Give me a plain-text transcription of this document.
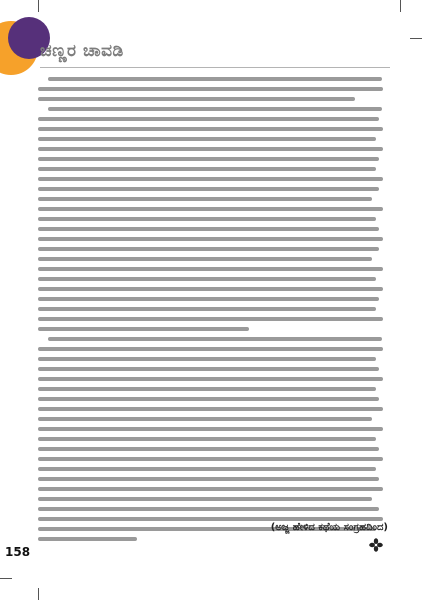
ಚಣ್ಣರ ಚಾವಡಿ

(ಅಜ್ಜ ಹೇಳಿದ ಕಥೆಯ ಸಂಗ್ರಹದಿಂದ)

158
